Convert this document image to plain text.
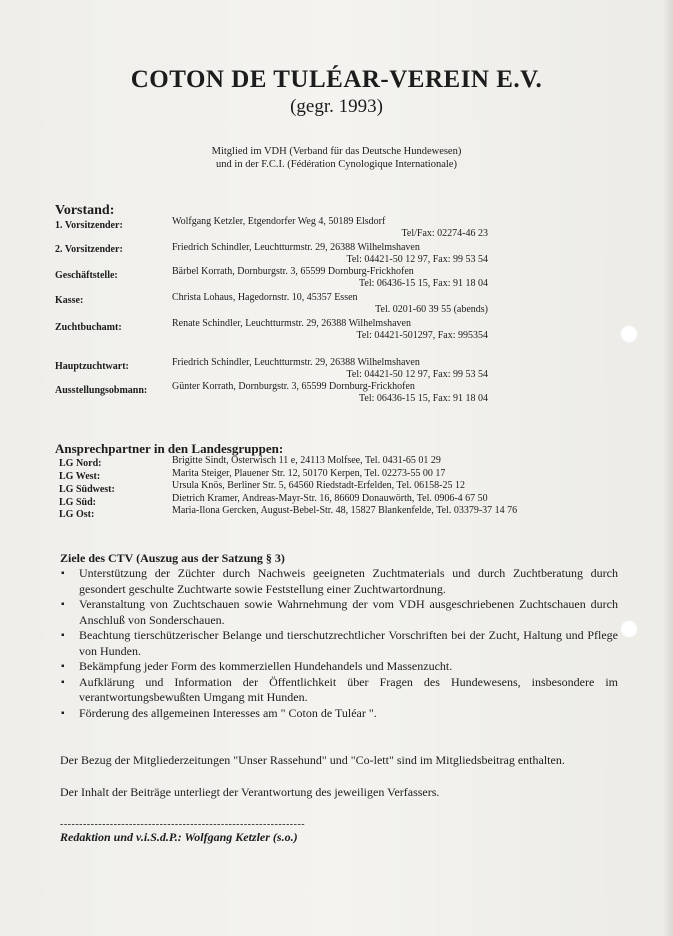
COTON DE TULÉAR-VEREIN E.V.
(gegr. 1993)
Mitglied im VDH (Verband für das Deutsche Hundewesen)
und in der F.C.I. (Fédération Cynologique Internationale)
Vorstand:
1. Vorsitzender:	Wolfgang Ketzler, Etgendorfer Weg 4, 50189 Elsdorf
Tel/Fax: 02274-46 23
2. Vorsitzender:	Friedrich Schindler, Leuchtturmstr. 29, 26388 Wilhelmshaven
Tel: 04421-50 12 97, Fax: 99 53 54
Geschäftstelle:	Bärbel Korrath, Dornburgstr. 3, 65599 Dornburg-Frickhofen
Tel: 06436-15 15, Fax: 91 18 04
Kasse:	Christa Lohaus, Hagedornstr. 10, 45357 Essen
Tel. 0201-60 39 55 (abends)
Zuchtbuchamt:	Renate Schindler, Leuchtturmstr. 29, 26388 Wilhelmshaven
Tel: 04421-501297, Fax: 995354
Hauptzuchtwart:	Friedrich Schindler, Leuchtturmstr. 29, 26388 Wilhelmshaven
Tel: 04421-50 12 97, Fax: 99 53 54
Ausstellungsobmann: Günter Korrath, Dornburgstr. 3, 65599 Dornburg-Frickhofen
Tel: 06436-15 15, Fax: 91 18 04
Ansprechpartner in den Landesgruppen:
LG Nord:	Brigitte Sindt, Osterwisch 11 e, 24113 Molfsee, Tel. 0431-65 01 29
LG West:	Marita Steiger, Plauener Str. 12, 50170 Kerpen, Tel. 02273-55 00 17
LG Südwest:	Ursula Knös, Berliner Str. 5, 64560 Riedstadt-Erfelden, Tel. 06158-25 12
LG Süd:	Dietrich Kramer, Andreas-Mayr-Str. 16, 86609 Donauwörth, Tel. 0906-4 67 50
LG Ost:	Maria-Ilona Gercken, August-Bebel-Str. 48, 15827 Blankenfelde, Tel. 03379-37 14 76
Ziele des CTV (Auszug aus der Satzung § 3)
▪ Unterstützung der Züchter durch Nachweis geeigneten Zuchtmaterials und durch Zuchtberatung durch gesondert geschulte Zuchtwarte sowie Feststellung einer Zuchtwartordnung.
▪ Veranstaltung von Zuchtschauen sowie Wahrnehmung der vom VDH ausgeschriebenen Zuchtschauen durch Anschluß von Sonderschauen.
▪ Beachtung tierschützerischer Belange und tierschutzrechtlicher Vorschriften bei der Zucht, Haltung und Pflege von Hunden.
▪ Bekämpfung jeder Form des kommerziellen Hundehandels und Massenzucht.
▪ Aufklärung und Information der Öffentlichkeit über Fragen des Hundewesens, insbesondere im verantwortungsbewußten Umgang mit Hunden.
▪ Förderung des allgemeinen Interesses am " Coton de Tuléar ".
Der Bezug der Mitgliederzeitungen "Unser Rassehund" und "Co-lett" sind im Mitgliedsbeitrag enthalten.
Der Inhalt der Beiträge unterliegt der Verantwortung des jeweiligen Verfassers.
----------------------------------------------------------------
Redaktion und v.i.S.d.P.: Wolfgang Ketzler (s.o.)
